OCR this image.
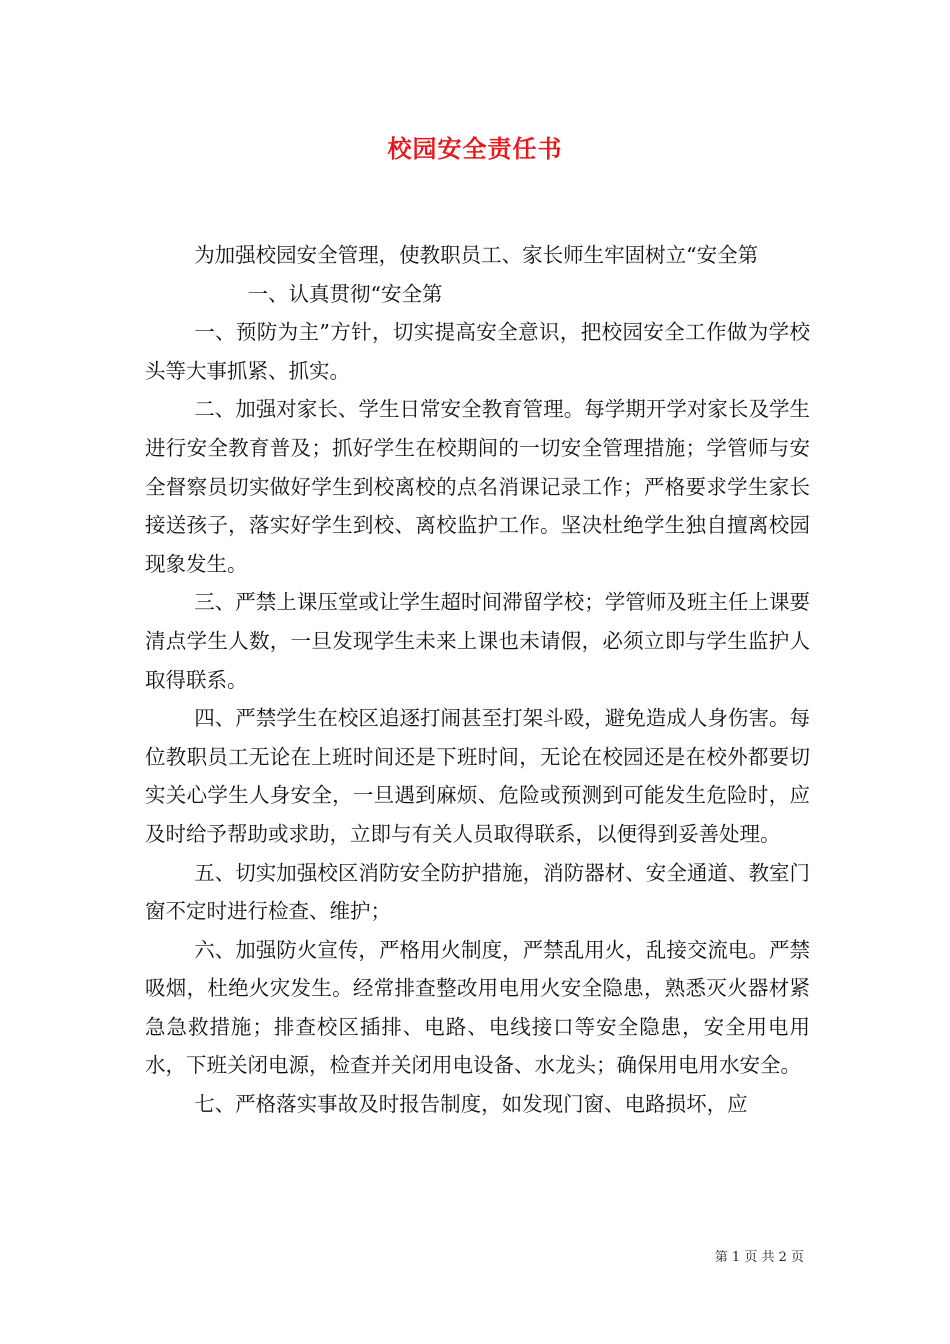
校园安全责任书

为加强校园安全管理，使教职员工、家长师生牢固树立“安全第

一、认真贯彻“安全第

一、预防为主”方针，切实提高安全意识，把校园安全工作做为学校头等大事抓紧、抓实。

二、加强对家长、学生日常安全教育管理。每学期开学对家长及学生进行安全教育普及；抓好学生在校期间的一切安全管理措施；学管师与安全督察员切实做好学生到校离校的点名消课记录工作；严格要求学生家长接送孩子，落实好学生到校、离校监护工作。坚决杜绝学生独自擅离校园现象发生。

三、严禁上课压堂或让学生超时间滞留学校；学管师及班主任上课要清点学生人数，一旦发现学生未来上课也未请假，必须立即与学生监护人取得联系。

四、严禁学生在校区追逐打闹甚至打架斗殴，避免造成人身伤害。每位教职员工无论在上班时间还是下班时间，无论在校园还是在校外都要切实关心学生人身安全，一旦遇到麻烦、危险或预测到可能发生危险时，应及时给予帮助或求助，立即与有关人员取得联系，以便得到妥善处理。

五、切实加强校区消防安全防护措施，消防器材、安全通道、教室门窗不定时进行检查、维护；

六、加强防火宣传，严格用火制度，严禁乱用火，乱接交流电。严禁吸烟，杜绝火灾发生。经常排查整改用电用火安全隐患，熟悉灭火器材紧急急救措施；排查校区插排、电路、电线接口等安全隐患，安全用电用水，下班关闭电源，检查并关闭用电设备、水龙头；确保用电用水安全。

七、严格落实事故及时报告制度，如发现门窗、电路损坏，应

第 1 页 共 2 页
